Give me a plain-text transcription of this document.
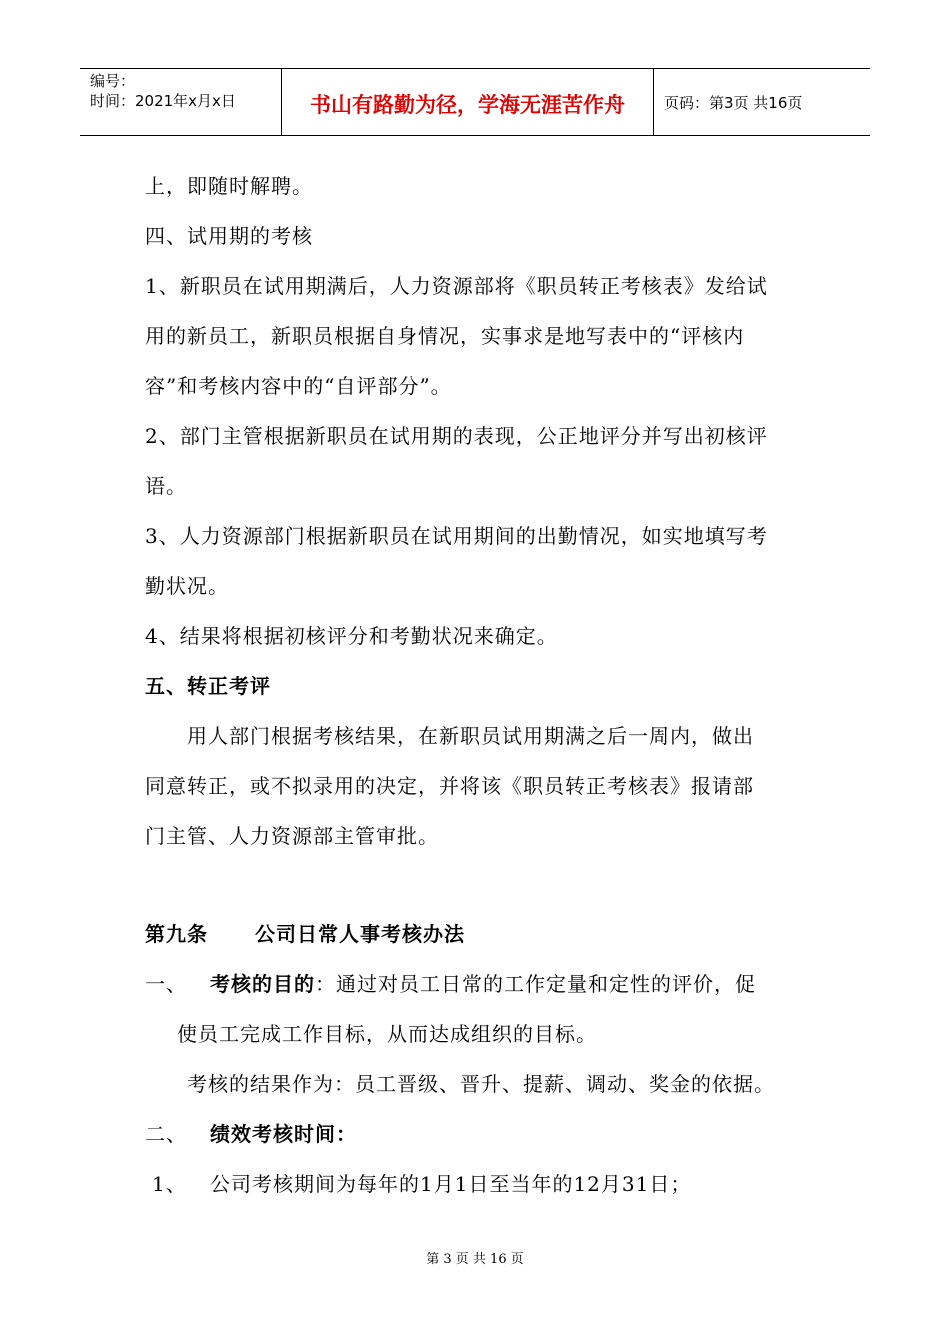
编号：
时间：2021年x月x日	书山有路勤为径，学海无涯苦作舟	页码：第3页 共16页
上，即随时解聘。
四、试用期的考核
1、新职员在试用期满后，人力资源部将《职员转正考核表》发给试
用的新员工，新职员根据自身情况，实事求是地写表中的“评核内
容”和考核内容中的“自评部分”。
2、部门主管根据新职员在试用期的表现，公正地评分并写出初核评
语。
3、人力资源部门根据新职员在试用期间的出勤情况，如实地填写考
勤状况。
4、结果将根据初核评分和考勤状况来确定。
五、转正考评
用人部门根据考核结果，在新职员试用期满之后一周内，做出
同意转正，或不拟录用的决定，并将该《职员转正考核表》报请部
门主管、人力资源部主管审批。
第九条 公司日常人事考核办法
一、 考核的目的：通过对员工日常的工作定量和定性的评价，促
使员工完成工作目标，从而达成组织的目标。
考核的结果作为：员工晋级、晋升、提薪、调动、奖金的依据。
二、 绩效考核时间：
1、 公司考核期间为每年的1月1日至当年的12月31日；
第 3 页 共 16 页
